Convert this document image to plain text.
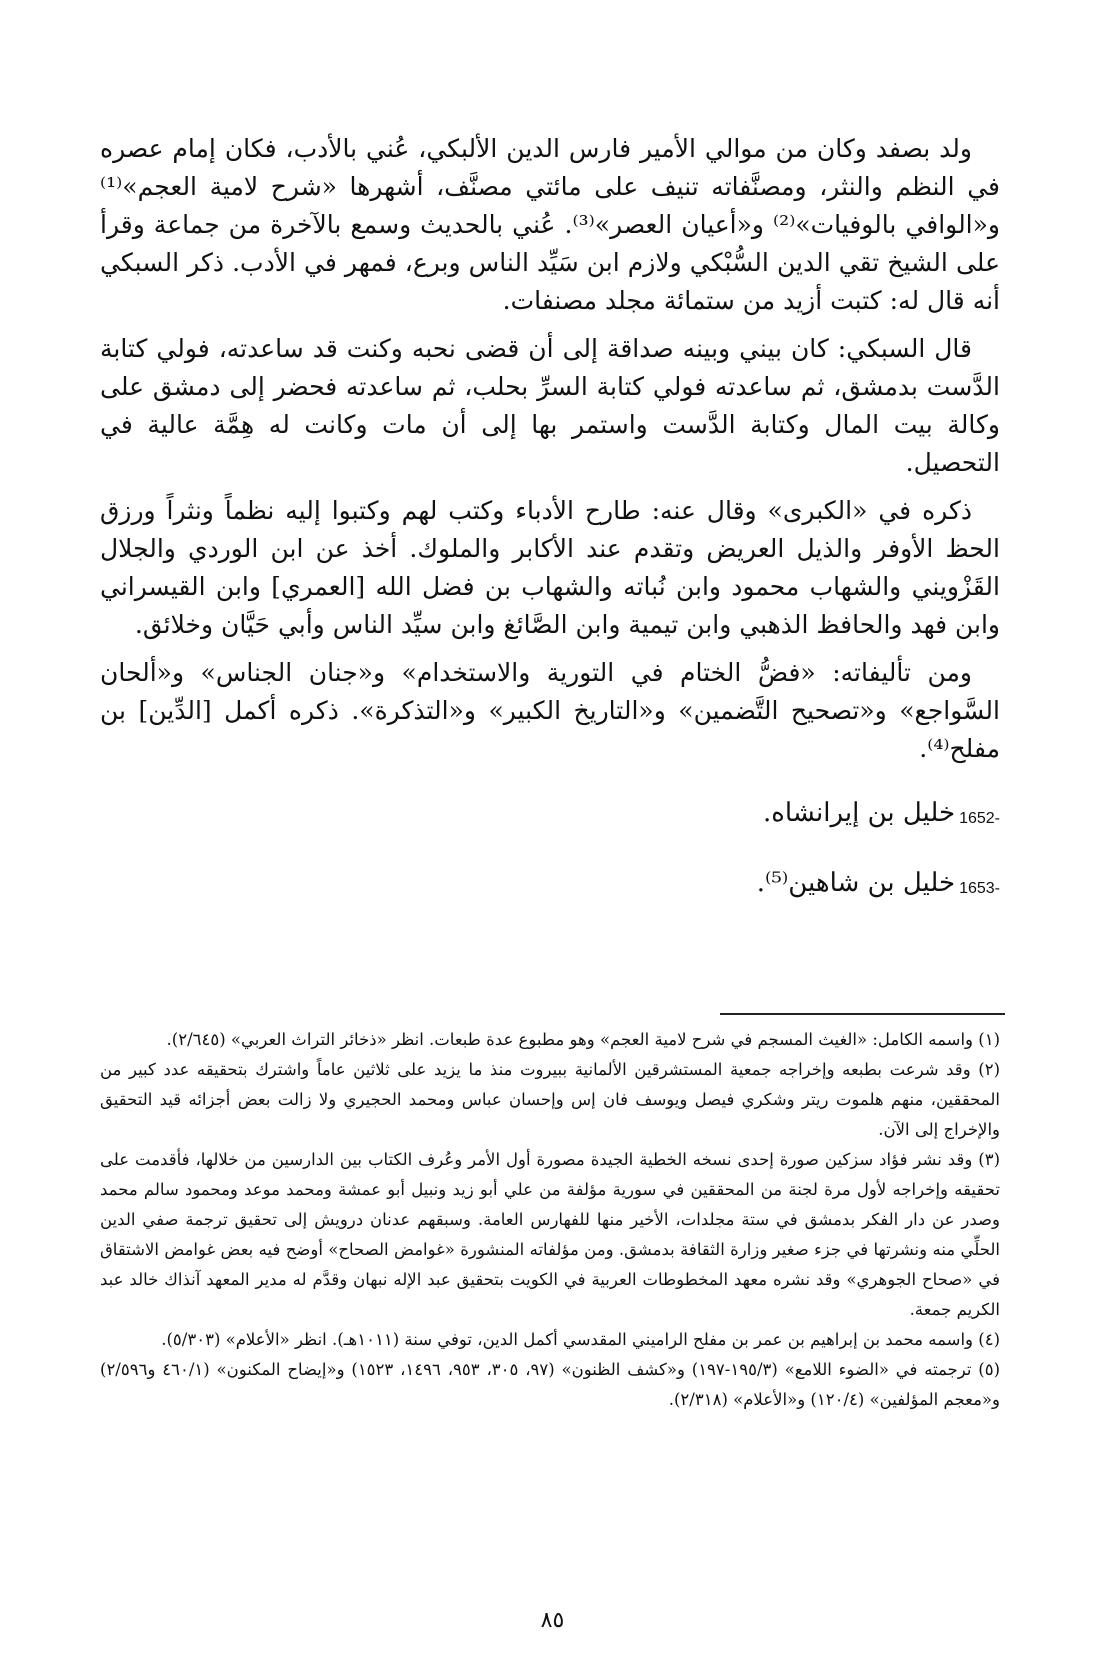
ولد بصفد وكان من موالي الأمير فارس الدين الألبكي، عُني بالأدب، فكان إمام عصره في النظم والنثر، ومصنَّفاته تنيف على مائتي مصنَّف، أشهرها «شرح لامية العجم»⁽¹⁾ و«الوافي بالوفيات»⁽²⁾ و«أعيان العصر»⁽³⁾. عُني بالحديث وسمع بالآخرة من جماعة وقرأ على الشيخ تقي الدين السُّبْكي ولازم ابن سَيِّد الناس وبرع، فمهر في الأدب. ذكر السبكي أنه قال له: كتبت أزيد من ستمائة مجلد مصنفات.

قال السبكي: كان بيني وبينه صداقة إلى أن قضى نحبه وكنت قد ساعدته، فولي كتابة الدَّست بدمشق، ثم ساعدته فولي كتابة السرِّ بحلب، ثم ساعدته فحضر إلى دمشق على وكالة بيت المال وكتابة الدَّست واستمر بها إلى أن مات وكانت له هِمَّة عالية في التحصيل.

ذكره في «الكبرى» وقال عنه: طارح الأدباء وكتب لهم وكتبوا إليه نظماً ونثراً ورزق الحظ الأوفر والذيل العريض وتقدم عند الأكابر والملوك. أخذ عن ابن الوردي والجلال القَزْويني والشهاب محمود وابن نُباته والشهاب بن فضل الله [العمري] وابن القيسراني وابن فهد والحافظ الذهبي وابن تيمية وابن الصَّائغ وابن سيِّد الناس وأبي حَيَّان وخلائق.

ومن تأليفاته: «فضُّ الختام في التورية والاستخدام» و«جنان الجناس» و«ألحان السَّواجع» و«تصحيح التَّضمين» و«التاريخ الكبير» و«التذكرة». ذكره أكمل [الدِّين] بن مفلح⁽⁴⁾.

1652-
خليل بن إيرانشاه.
1653-
خليل بن شاهين⁽⁵⁾.

(١) واسمه الكامل: «الغيث المسجم في شرح لامية العجم» وهو مطبوع عدة طبعات. انظر «ذخائر التراث العربي» (٢/٦٤٥).

(٢) وقد شرعت بطبعه وإخراجه جمعية المستشرقين الألمانية ببيروت منذ ما يزيد على ثلاثين عاماً واشترك بتحقيقه عدد كبير من المحققين، منهم هلموت ريتر وشكري فيصل ويوسف فان إس وإحسان عباس ومحمد الحجيري ولا زالت بعض أجزائه قيد التحقيق والإخراج إلى الآن.

(٣) وقد نشر فؤاد سزكين صورة إحدى نسخه الخطية الجيدة مصورة أول الأمر وعُرف الكتاب بين الدارسين من خلالها، فأقدمت على تحقيقه وإخراجه لأول مرة لجنة من المحققين في سورية مؤلفة من علي أبو زيد ونبيل أبو عمشة ومحمد موعد ومحمود سالم محمد وصدر عن دار الفكر بدمشق في ستة مجلدات، الأخير منها للفهارس العامة. وسبقهم عدنان درويش إلى تحقيق ترجمة صفي الدين الحلِّي منه ونشرتها في جزء صغير وزارة الثقافة بدمشق. ومن مؤلفاته المنشورة «غوامض الصحاح» أوضح فيه بعض غوامض الاشتقاق في «صحاح الجوهري» وقد نشره معهد المخطوطات العربية في الكويت بتحقيق عبد الإله نبهان وقدَّم له مدير المعهد آنذاك خالد عبد الكريم جمعة.

(٤) واسمه محمد بن إبراهيم بن عمر بن مفلح الراميني المقدسي أكمل الدين، توفي سنة (١٠١١هـ). انظر «الأعلام» (٥/٣٠٣).

(٥) ترجمته في «الضوء اللامع» (١٩٥/٣-١٩٧) و«كشف الظنون» (٩٧، ٣٠٥، ٩٥٣، ١٤٩٦، ١٥٢٣) و«إيضاح المكنون» (٤٦٠/١ و٢/٥٩٦) و«معجم المؤلفين» (١٢٠/٤) و«الأعلام» (٢/٣١٨).

٨٥
